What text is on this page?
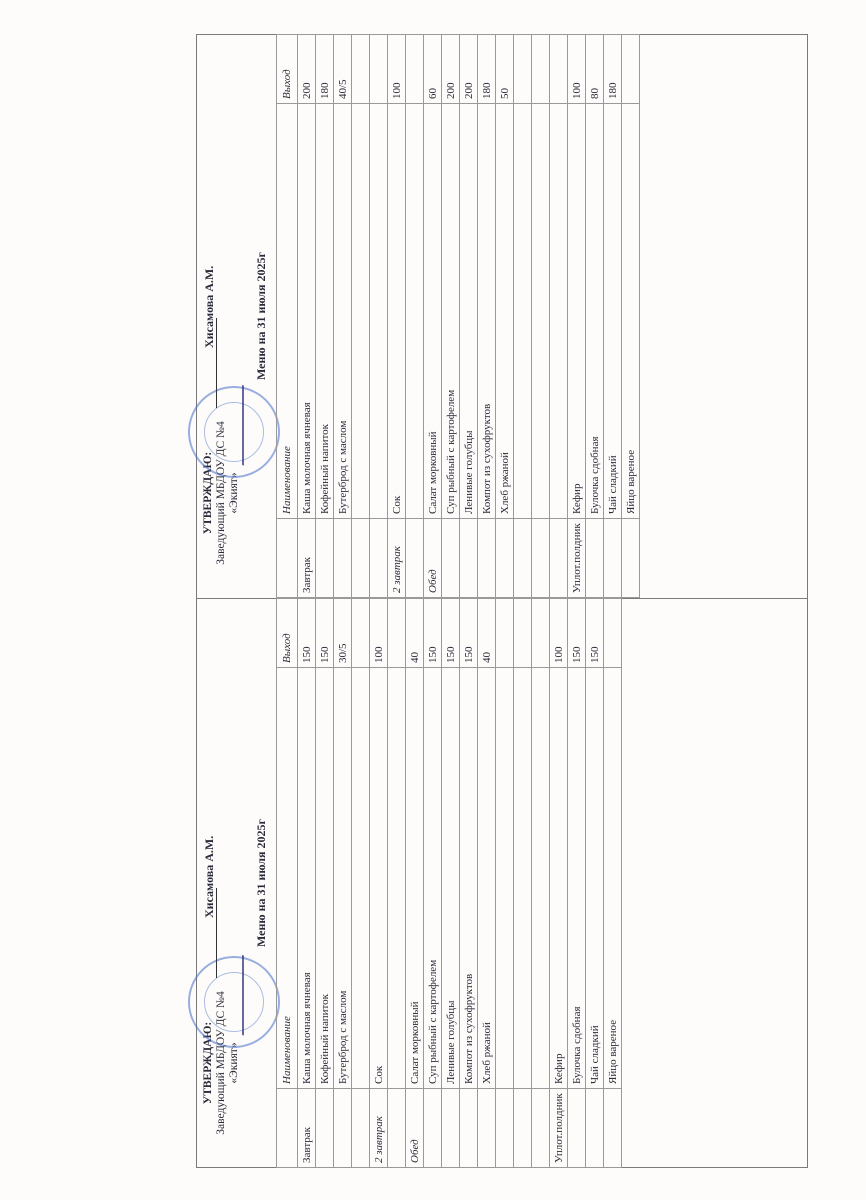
УТВЕРЖДАЮ: Заведующий МБДОУ ДС №4 «Экият»
Хисамова А.М.	Меню на 31 июля 2025г
	Наименование	Выход
Завтрак	Каша молочная ячневая	150
	Кофейный напиток	150
	Бутерброд с маслом	30/5

2 завтрак	Сок	100

Обед	Салат морковный	40
	Суп рыбный с картофелем	150
	Ленивые голубцы	150
	Компот из сухофруктов	150
	Хлеб ржаной	40

Уплот.полдник	Кефир	100
	Булочка сдобная	150
	Чай сладкий	150
	Яйцо вареное	
УТВЕРЖДАЮ: Заведующий МБДОУ ДС №4 «Экият»
Хисамова А.М.	Меню на 31 июля 2025г
	Наименование	Выход
Завтрак	Каша молочная ячневая	200
	Кофейный напиток	180
	Бутерброд с маслом	40/5

2 завтрак	Сок	100

Обед	Салат морковный	60
	Суп рыбный с картофелем	200
	Ленивые голубцы	200
	Компот из сухофруктов	180
	Хлеб ржаной	50

Уплот.полдник	Кефир	100
	Булочка сдобная	80
	Чай сладкий	180
	Яйцо вареное	
